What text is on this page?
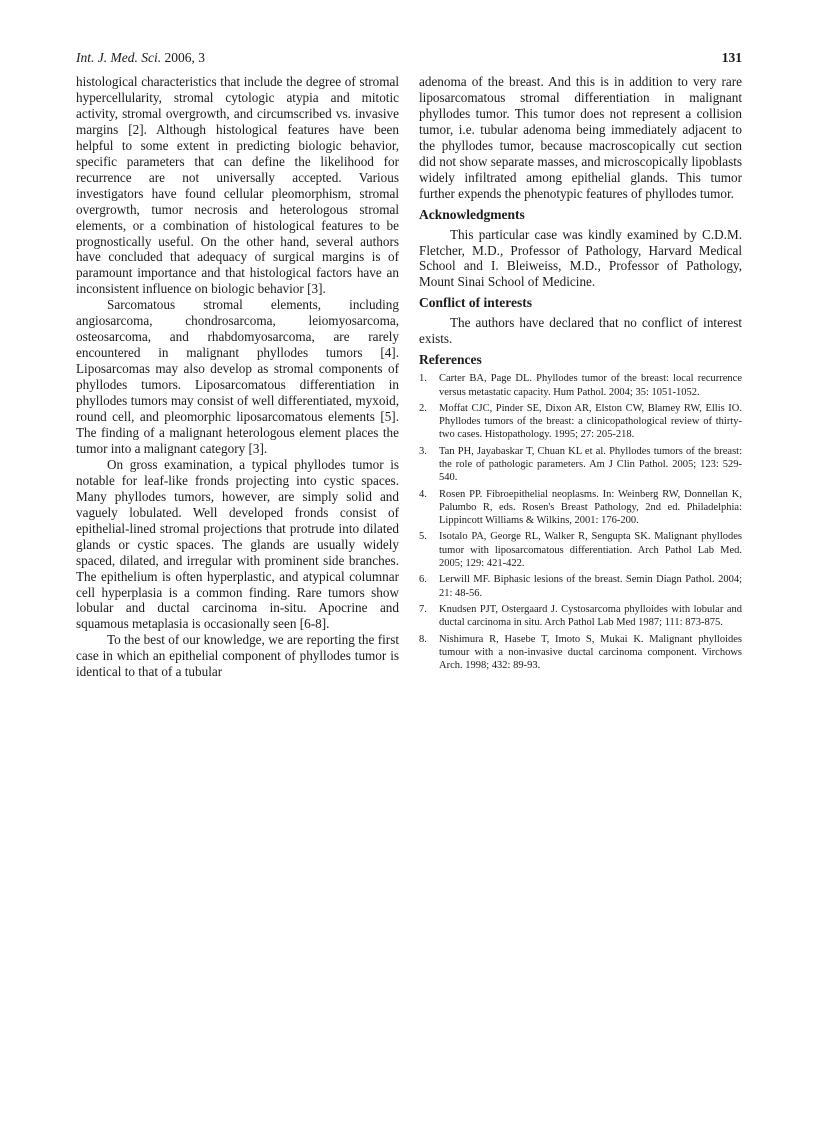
Int. J. Med. Sci. 2006, 3	131

histological characteristics that include the degree of stromal hypercellularity, stromal cytologic atypia and mitotic activity, stromal overgrowth, and circumscribed vs. invasive margins [2]. Although histological features have been helpful to some extent in predicting biologic behavior, specific parameters that can define the likelihood for recurrence are not universally accepted. Various investigators have found cellular pleomorphism, stromal overgrowth, tumor necrosis and heterologous stromal elements, or a combination of histological features to be prognostically useful. On the other hand, several authors have concluded that adequacy of surgical margins is of paramount importance and that histological factors have an inconsistent influence on biologic behavior [3].

Sarcomatous stromal elements, including angiosarcoma, chondrosarcoma, leiomyosarcoma, osteosarcoma, and rhabdomyosarcoma, are rarely encountered in malignant phyllodes tumors [4]. Liposarcomas may also develop as stromal components of phyllodes tumors. Liposarcomatous differentiation in phyllodes tumors may consist of well differentiated, myxoid, round cell, and pleomorphic liposarcomatous elements [5]. The finding of a malignant heterologous element places the tumor into a malignant category [3].

On gross examination, a typical phyllodes tumor is notable for leaf-like fronds projecting into cystic spaces. Many phyllodes tumors, however, are simply solid and vaguely lobulated. Well developed fronds consist of epithelial-lined stromal projections that protrude into dilated glands or cystic spaces. The glands are usually widely spaced, dilated, and irregular with prominent side branches. The epithelium is often hyperplastic, and atypical columnar cell hyperplasia is a common finding. Rare tumors show lobular and ductal carcinoma in-situ. Apocrine and squamous metaplasia is occasionally seen [6-8].

To the best of our knowledge, we are reporting the first case in which an epithelial component of phyllodes tumor is identical to that of a tubular

adenoma of the breast. And this is in addition to very rare liposarcomatous stromal differentiation in malignant phyllodes tumor. This tumor does not represent a collision tumor, i.e. tubular adenoma being immediately adjacent to the phyllodes tumor, because macroscopically cut section did not show separate masses, and microscopically lipoblasts widely infiltrated among epithelial glands. This tumor further expends the phenotypic features of phyllodes tumor.

Acknowledgments

This particular case was kindly examined by C.D.M. Fletcher, M.D., Professor of Pathology, Harvard Medical School and I. Bleiweiss, M.D., Professor of Pathology, Mount Sinai School of Medicine.

Conflict of interests

The authors have declared that no conflict of interest exists.

References
1.	Carter BA, Page DL. Phyllodes tumor of the breast: local recurrence versus metastatic capacity. Hum Pathol. 2004; 35: 1051-1052.
2.	Moffat CJC, Pinder SE, Dixon AR, Elston CW, Blamey RW, Ellis IO. Phyllodes tumors of the breast: a clinicopathological review of thirty-two cases. Histopathology. 1995; 27: 205-218.
3.	Tan PH, Jayabaskar T, Chuan KL et al. Phyllodes tumors of the breast: the role of pathologic parameters. Am J Clin Pathol. 2005; 123: 529-540.
4.	Rosen PP. Fibroepithelial neoplasms. In: Weinberg RW, Donnellan K, Palumbo R, eds. Rosen's Breast Pathology, 2nd ed. Philadelphia: Lippincott Williams & Wilkins, 2001: 176-200.
5.	Isotalo PA, George RL, Walker R, Sengupta SK. Malignant phyllodes tumor with liposarcomatous differentiation. Arch Pathol Lab Med. 2005; 129: 421-422.
6.	Lerwill MF. Biphasic lesions of the breast. Semin Diagn Pathol. 2004; 21: 48-56.
7.	Knudsen PJT, Ostergaard J. Cystosarcoma phylloides with lobular and ductal carcinoma in situ. Arch Pathol Lab Med 1987; 111: 873-875.
8.	Nishimura R, Hasebe T, Imoto S, Mukai K. Malignant phylloides tumour with a non-invasive ductal carcinoma component. Virchows Arch. 1998; 432: 89-93.
